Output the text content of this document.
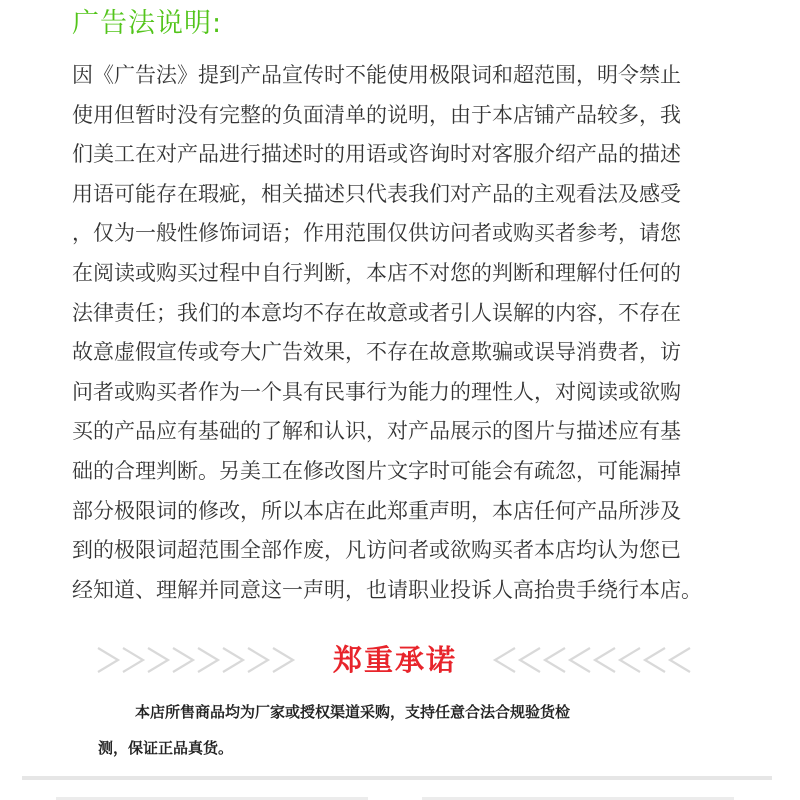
广告法说明:
因《广告法》提到产品宣传时不能使用极限词和超范围，明令禁止
使用但暂时没有完整的负面清单的说明，由于本店铺产品较多，我
们美工在对产品进行描述时的用语或咨询时对客服介绍产品的描述
用语可能存在瑕疵，相关描述只代表我们对产品的主观看法及感受
，仅为一般性修饰词语；作用范围仅供访问者或购买者参考，请您
在阅读或购买过程中自行判断，本店不对您的判断和理解付任何的
法律责任；我们的本意均不存在故意或者引人误解的内容，不存在
故意虚假宣传或夸大广告效果，不存在故意欺骗或误导消费者，访
问者或购买者作为一个具有民事行为能力的理性人，对阅读或欲购
买的产品应有基础的了解和认识，对产品展示的图片与描述应有基
础的合理判断。另美工在修改图片文字时可能会有疏忽，可能漏掉
部分极限词的修改，所以本店在此郑重声明，本店任何产品所涉及
到的极限词超范围全部作废，凡访问者或欲购买者本店均认为您已
经知道、理解并同意这一声明，也请职业投诉人高抬贵手绕行本店。
郑重承诺
本店所售商品均为厂家或授权渠道采购，支持任意合法合规验货检
测，保证正品真货。
